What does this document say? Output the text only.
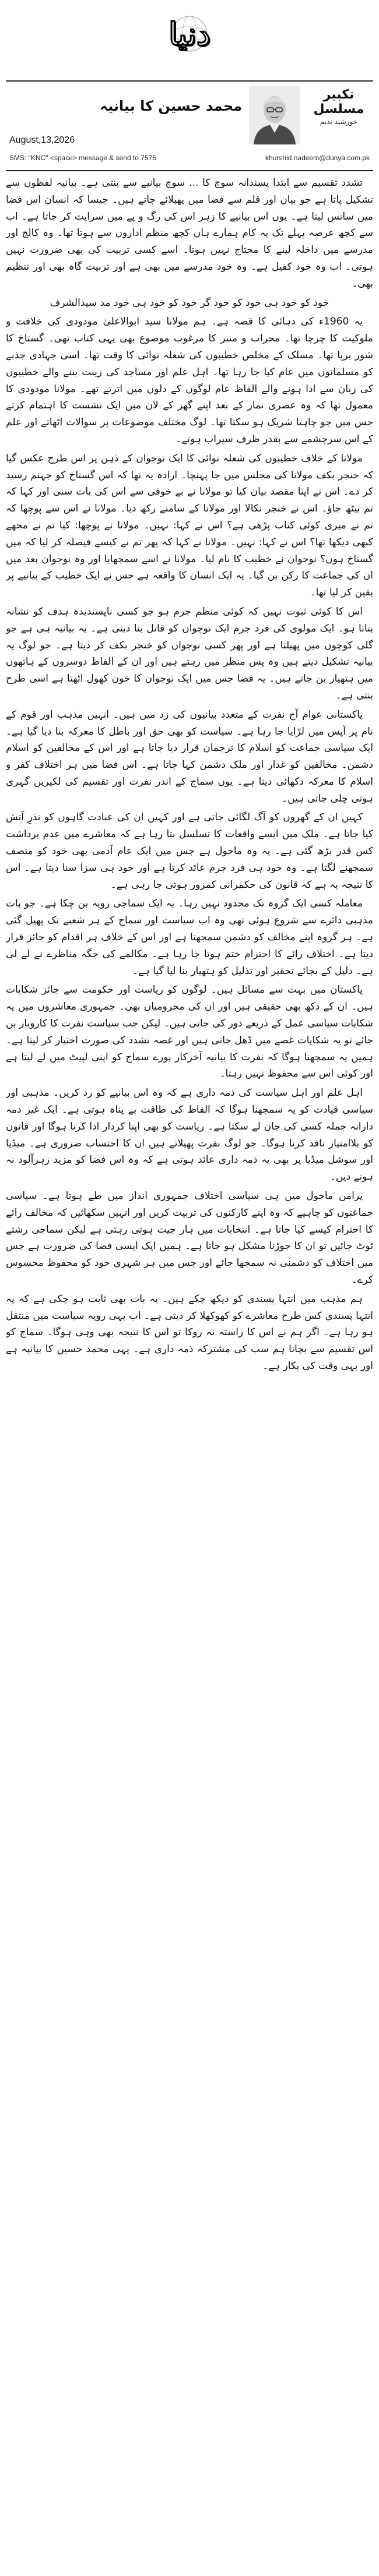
دنیا
تکبیر مسلسل
خورشید ندیم
محمد حسین کا بیانیہ
August,13,2026
SMS: "KNC" <space> message & send to 7575	khurshid.nadeem@dunya.com.pk

تشدد تقسیم سے ابتدا پسندانہ سوچ کا ... سوچ بیانیے سے بنتی ہے۔ بیانیہ لفظوں سے تشکیل پاتا ہے جو بیان اور قلم سے فضا میں پھیلائے جاتے ہیں۔ جیسا کہ انسان اس فضا میں سانس لیتا ہے۔ یوں اس بیانیے کا زہر اس کی رگ و پے میں سرایت کر جاتا ہے۔ اب سے کچھ عرصہ پہلے تک یہ کام ہمارے ہاں کچھ منظم اداروں سے ہوتا تھا۔ وہ کالج اور مدرسے میں داخلہ لینے کا محتاج نہیں ہوتا۔ اسے کسی تربیت کی بھی ضرورت نہیں ہوتی۔ اب وہ خود کفیل ہے۔ وہ خود مدرسے میں بھی ہے اور تربیت گاہ بھی اور تنظیم بھی۔

خود کو خود ہی خود کو خود گر خود کو خود ہی خود مد سیدالشرف

یہ 1960ء کی دہائی کا قصہ ہے۔ ہم مولانا سید ابوالاعلیٰ مودودی کی خلافت و ملوکیت کا چرچا تھا۔ محراب و منبر کا مرغوب موضوع بھی یہی کتاب تھی۔ گستاخ کا شور برپا تھا۔ مسلک کے مخلص خطیبوں کی شعلہ نوائی کا وقت تھا۔ اسی جہادی جذبے کو مسلمانوں میں عام کیا جا رہا تھا۔ اہل علم اور مساجد کی زینت بننے والے خطیبوں کی زبان سے ادا ہونے والے الفاظ عام لوگوں کے دلوں میں اترتے تھے۔ مولانا مودودی کا معمول تھا کہ وہ عصری نماز کے بعد اپنے گھر کے لان میں ایک نشست کا اہتمام کرتے جس میں جو چاہتا شریک ہو سکتا تھا۔ لوگ مختلف موضوعات پر سوالات اٹھاتے اور علم کے اس سرچشمے سے بقدر ظرف سیراب ہوتے۔

مولانا کے خلاف خطیبوں کی شعلہ نوائی کا ایک نوجوان کے ذہن پر اس طرح عکس گیا کہ خنجر بکف مولانا کی مجلس میں جا پہنچا۔ ارادہ یہ تھا کہ اس گستاخ کو جہنم رسید کر دے۔ اس نے اپنا مقصد بیان کیا تو مولانا نے بے خوفی سے اس کی بات سنی اور کہا کہ تم بیٹھ جاؤ۔ اس نے خنجر نکالا اور مولانا کے سامنے رکھ دیا۔ مولانا نے اس سے پوچھا کہ تم نے میری کوئی کتاب پڑھی ہے؟ اس نے کہا: نہیں۔ مولانا نے پوچھا: کیا تم نے مجھے کبھی دیکھا تھا؟ اس نے کہا: نہیں۔ مولانا نے کہا کہ پھر تم نے کیسے فیصلہ کر لیا کہ میں گستاخ ہوں؟ نوجوان نے خطیب کا نام لیا۔ مولانا نے اسے سمجھایا اور وہ نوجوان بعد میں ان کی جماعت کا رکن بن گیا۔ یہ ایک انسان کا واقعہ ہے جس نے ایک خطیب کے بیانیے پر یقین کر لیا تھا۔

اس کا کوئی ثبوت نہیں کہ کوئی منظم جرم ہو جو کسی ناپسندیدہ ہدف کو نشانہ بنانا ہو۔ ایک مولوی کی فرد جرم ایک نوجوان کو قاتل بنا دیتی ہے۔ یہ بیانیہ ہی ہے جو گلی کوچوں میں پھیلتا ہے اور پھر کسی نوجوان کو خنجر بکف کر دیتا ہے۔ جو لوگ یہ بیانیہ تشکیل دیتے ہیں وہ پس منظر میں رہتے ہیں اور ان کے الفاظ دوسروں کے ہاتھوں میں ہتھیار بن جاتے ہیں۔ یہ فضا جس میں ایک نوجوان کا خون کھول اٹھتا ہے اسی طرح بنتی ہے۔

پاکستانی عوام آج نفرت کے متعدد بیانیوں کی زد میں ہیں۔ انہیں مذہب اور قوم کے نام پر آپس میں لڑایا جا رہا ہے۔ سیاست کو بھی حق اور باطل کا معرکہ بنا دیا گیا ہے۔ ایک سیاسی جماعت کو اسلام کا ترجمان قرار دیا جاتا ہے اور اس کے مخالفین کو اسلام دشمن۔ مخالفین کو غدار اور ملک دشمن کہا جاتا ہے۔ اس فضا میں ہر اختلاف کفر و اسلام کا معرکہ دکھائی دیتا ہے۔ یوں سماج کے اندر نفرت اور تقسیم کی لکیریں گہری ہوتی چلی جاتی ہیں۔

کہیں ان کے گھروں کو آگ لگائی جاتی ہے اور کہیں ان کی عبادت گاہوں کو نذرِ آتش کیا جاتا ہے۔ ملک میں ایسے واقعات کا تسلسل بتا رہا ہے کہ معاشرے میں عدم برداشت کس قدر بڑھ گئی ہے۔ یہ وہ ماحول ہے جس میں ایک عام آدمی بھی خود کو منصف سمجھنے لگتا ہے۔ وہ خود ہی فرد جرم عائد کرتا ہے اور خود ہی سزا سنا دیتا ہے۔ اس کا نتیجہ یہ ہے کہ قانون کی حکمرانی کمزور ہوتی جا رہی ہے۔

معاملہ کسی ایک گروہ تک محدود نہیں رہا۔ یہ ایک سماجی رویہ بن چکا ہے۔ جو بات مذہبی دائرے سے شروع ہوئی تھی وہ اب سیاست اور سماج کے ہر شعبے تک پھیل گئی ہے۔ ہر گروہ اپنے مخالف کو دشمن سمجھتا ہے اور اس کے خلاف ہر اقدام کو جائز قرار دیتا ہے۔ اختلاف رائے کا احترام ختم ہوتا جا رہا ہے۔ مکالمے کی جگہ مناظرے نے لے لی ہے۔ دلیل کے بجائے تحقیر اور تذلیل کو ہتھیار بنا لیا گیا ہے۔

پاکستان میں بہت سے مسائل ہیں۔ لوگوں کو ریاست اور حکومت سے جائز شکایات ہیں۔ ان کے دکھ بھی حقیقی ہیں اور ان کی محرومیاں بھی۔ جمہوری معاشروں میں یہ شکایات سیاسی عمل کے ذریعے دور کی جاتی ہیں۔ لیکن جب سیاست نفرت کا کاروبار بن جائے تو یہ شکایات غصے میں ڈھل جاتی ہیں اور غصہ تشدد کی صورت اختیار کر لیتا ہے۔ ہمیں یہ سمجھنا ہوگا کہ نفرت کا بیانیہ آخرکار پورے سماج کو اپنی لپیٹ میں لے لیتا ہے اور کوئی اس سے محفوظ نہیں رہتا۔

اہل علم اور اہل سیاست کی ذمہ داری ہے کہ وہ اس بیانیے کو رد کریں۔ مذہبی اور سیاسی قیادت کو یہ سمجھنا ہوگا کہ الفاظ کی طاقت بے پناہ ہوتی ہے۔ ایک غیر ذمہ دارانہ جملہ کسی کی جان لے سکتا ہے۔ ریاست کو بھی اپنا کردار ادا کرنا ہوگا اور قانون کو بلاامتیاز نافذ کرنا ہوگا۔ جو لوگ نفرت پھیلاتے ہیں ان کا احتساب ضروری ہے۔ میڈیا اور سوشل میڈیا پر بھی یہ ذمہ داری عائد ہوتی ہے کہ وہ اس فضا کو مزید زہرآلود نہ ہونے دیں۔

پرامن ماحول میں ہی سیاسی اختلاف جمہوری انداز میں طے ہوتا ہے۔ سیاسی جماعتوں کو چاہیے کہ وہ اپنے کارکنوں کی تربیت کریں اور انہیں سکھائیں کہ مخالف رائے کا احترام کیسے کیا جاتا ہے۔ انتخابات میں ہار جیت ہوتی رہتی ہے لیکن سماجی رشتے ٹوٹ جائیں تو ان کا جوڑنا مشکل ہو جاتا ہے۔ ہمیں ایک ایسی فضا کی ضرورت ہے جس میں اختلاف کو دشمنی نہ سمجھا جائے اور جس میں ہر شہری خود کو محفوظ محسوس کرے۔

ہم مذہب میں انتہا پسندی کو دیکھ چکے ہیں۔ یہ بات بھی ثابت ہو چکی ہے کہ یہ انتہا پسندی کس طرح معاشرے کو کھوکھلا کر دیتی ہے۔ اب یہی رویہ سیاست میں منتقل ہو رہا ہے۔ اگر ہم نے اس کا راستہ نہ روکا تو اس کا نتیجہ بھی وہی ہوگا۔ سماج کو اس تقسیم سے بچانا ہم سب کی مشترکہ ذمہ داری ہے۔ یہی محمد حسین کا بیانیہ ہے اور یہی وقت کی پکار ہے۔
